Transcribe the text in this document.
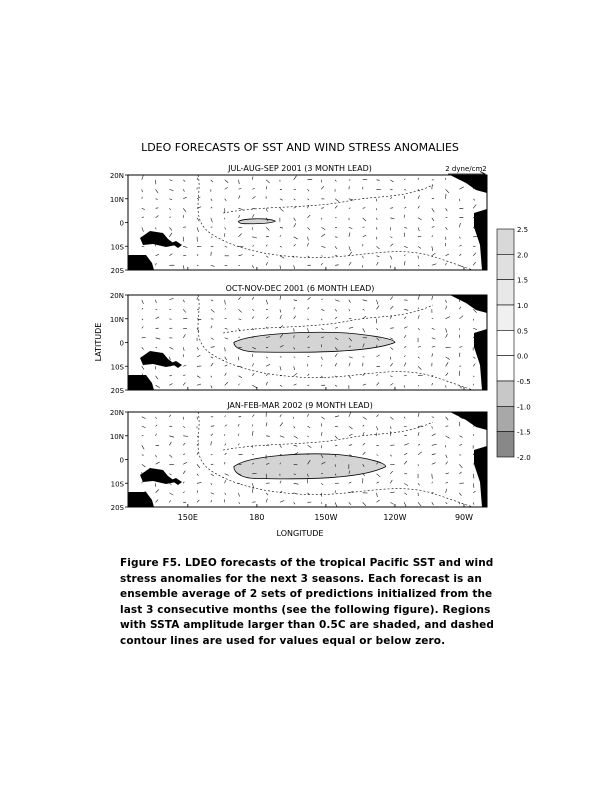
LDEO FORECASTS OF SST AND WIND STRESS ANOMALIES
2 dyne/cm2
JUL-AUG-SEP 2001 (3 MONTH LEAD)
20N
10N
0
10S
20S
OCT-NOV-DEC 2001 (6 MONTH LEAD)
20N
10N
0
10S
20S
JAN-FEB-MAR 2002 (9 MONTH LEAD)
20N
10N
0
10S
20S
150E	180	150W	120W	90W
LONGITUDE
LATITUDE
2.5
2.0
1.5
1.0
0.5
0.0
-0.5
-1.0
-1.5
-2.0
Figure F5. LDEO forecasts of the tropical Pacific SST and wind stress anomalies for the next 3 seasons. Each forecast is an ensemble average of 2 sets of predictions initialized from the last 3 consecutive months (see the following figure). Regions with SSTA amplitude larger than 0.5C are shaded, and dashed contour lines are used for values equal or below zero.
